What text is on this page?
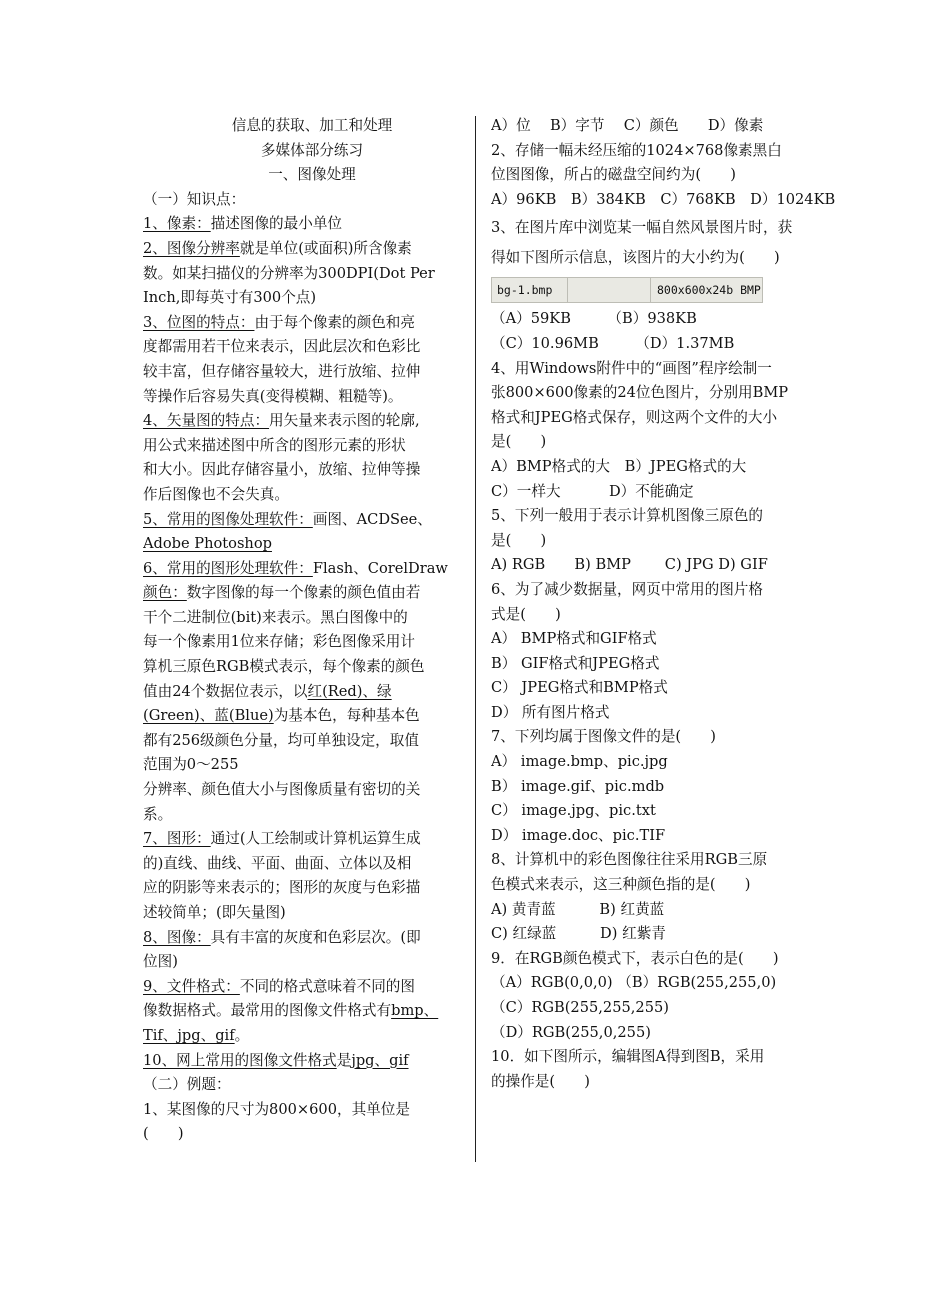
信息的获取、加工和处理
多媒体部分练习
一、图像处理
（一）知识点：
1、像素：描述图像的最小单位
2、图像分辨率就是单位(或面积)所含像素
数。如某扫描仪的分辨率为300DPI(Dot Per
Inch,即每英寸有300个点)
3、位图的特点：由于每个像素的颜色和亮
度都需用若干位来表示，因此层次和色彩比
较丰富，但存储容量较大，进行放缩、拉伸
等操作后容易失真(变得模糊、粗糙等)。
4、矢量图的特点：用矢量来表示图的轮廓,
用公式来描述图中所含的图形元素的形状
和大小。因此存储容量小，放缩、拉伸等操
作后图像也不会失真。
5、常用的图像处理软件：画图、ACDSee、
Adobe Photoshop
6、常用的图形处理软件：Flash、CorelDraw
颜色：数字图像的每一个像素的颜色值由若
干个二进制位(bit)来表示。黑白图像中的
每一个像素用1位来存储；彩色图像采用计
算机三原色RGB模式表示，每个像素的颜色
值由24个数据位表示，以红(Red)、绿
(Green)、蓝(Blue)为基本色，每种基本色
都有256级颜色分量，均可单独设定，取值
范围为0～255
分辨率、颜色值大小与图像质量有密切的关
系。
7、图形：通过(人工绘制或计算机运算生成
的)直线、曲线、平面、曲面、立体以及相
应的阴影等来表示的；图形的灰度与色彩描
述较简单；(即矢量图)
8、图像：具有丰富的灰度和色彩层次。(即
位图)
9、文件格式：不同的格式意味着不同的图
像数据格式。最常用的图像文件格式有bmp、
Tif、jpg、gif。
10、网上常用的图像文件格式是jpg、gif
（二）例题：
1、某图像的尺寸为800×600，其单位是
(　　)
A）位　 B）字节　 C）颜色　　D）像素
2、存储一幅未经压缩的1024×768像素黑白
位图图像，所占的磁盘空间约为(　　)
A）96KB　B）384KB　C）768KB　D）1024KB
3、在图片库中浏览某一幅自然风景图片时，获
得如下图所示信息，该图片的大小约为(　　)
bg-1.bmp	800x600x24b BMP
（A）59KB　　　（B）938KB
（C）10.96MB　　　（D）1.37MB
4、用Windows附件中的“画图”程序绘制一
张800×600像素的24位色图片，分别用BMP
格式和JPEG格式保存，则这两个文件的大小
是(　　)
A）BMP格式的大　B）JPEG格式的大
C）一样大　　　 D）不能确定
5、下列一般用于表示计算机图像三原色的
是(　　)
A) RGB　　B) BMP　　 C) JPG D) GIF
6、为了减少数据量，网页中常用的图片格
式是(　　)
A） BMP格式和GIF格式
B） GIF格式和JPEG格式
C） JPEG格式和BMP格式
D） 所有图片格式
7、下列均属于图像文件的是(　　)
A） image.bmp、pic.jpg
B） image.gif、pic.mdb
C） image.jpg、pic.txt
D） image.doc、pic.TIF
8、计算机中的彩色图像往往采用RGB三原
色模式来表示，这三种颜色指的是(　　)
A) 黄青蓝　　　B) 红黄蓝
C) 红绿蓝　　　D) 红紫青
9．在RGB颜色模式下，表示白色的是(　　)
（A）RGB(0,0,0) （B）RGB(255,255,0)
（C）RGB(255,255,255)
（D）RGB(255,0,255)
10．如下图所示，编辑图A得到图B，采用
的操作是(　　)
